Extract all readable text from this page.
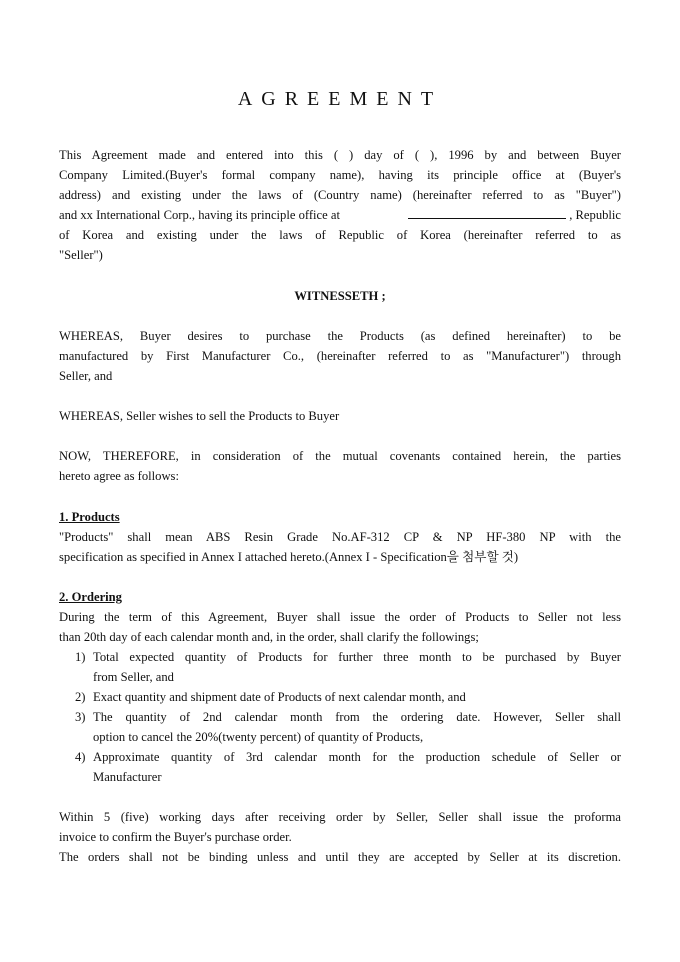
AGREEMENT
This Agreement made and entered into this ( ) day of ( ), 1996 by and between Buyer
Company Limited.(Buyer's formal company name), having its principle office at (Buyer's
address) and existing under the laws of (Country name) (hereinafter referred to as "Buyer")
and xx International Corp., having its principle office at	, Republic
of Korea and existing under the laws of Republic of Korea (hereinafter referred to as
"Seller")
WITNESSETH ;
WHEREAS, Buyer desires to purchase the Products (as defined hereinafter) to be
manufactured by First Manufacturer Co., (hereinafter referred to as "Manufacturer") through
Seller, and
WHEREAS, Seller wishes to sell the Products to Buyer
NOW, THEREFORE, in consideration of the mutual covenants contained herein, the parties
hereto agree as follows:
1. Products
"Products" shall mean ABS Resin Grade No.AF-312 CP & NP HF-380 NP with the
specification as specified in Annex I attached hereto.(Annex I - Specification을 첨부할 것)
2. Ordering
During the term of this Agreement, Buyer shall issue the order of Products to Seller not less
than 20th day of each calendar month and, in the order, shall clarify the followings;
1) Total expected quantity of Products for further three month to be purchased by Buyer
from Seller, and
2) Exact quantity and shipment date of Products of next calendar month, and
3) The quantity of 2nd calendar month from the ordering date. However, Seller shall
option to cancel the 20%(twenty percent) of quantity of Products,
4) Approximate quantity of 3rd calendar month for the production schedule of Seller or
Manufacturer
Within 5 (five) working days after receiving order by Seller, Seller shall issue the proforma
invoice to confirm the Buyer's purchase order.
The orders shall not be binding unless and until they are accepted by Seller at its discretion.
